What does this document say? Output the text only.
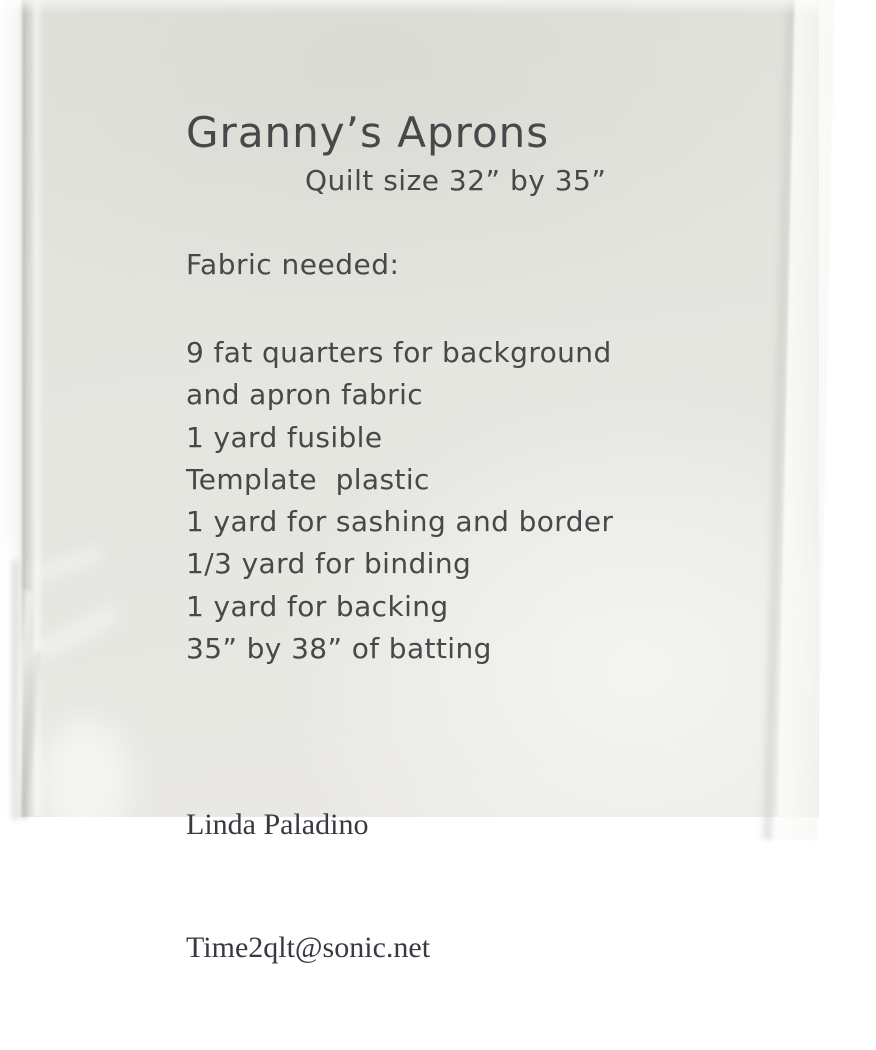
Granny’s Aprons
Quilt size 32” by 35”
Fabric needed:
9 fat quarters for background
and apron fabric
1 yard fusible
Template  plastic
1 yard for sashing and border
1/3 yard for binding
1 yard for backing
35” by 38” of batting

Linda Paladino

Time2qlt@sonic.net
